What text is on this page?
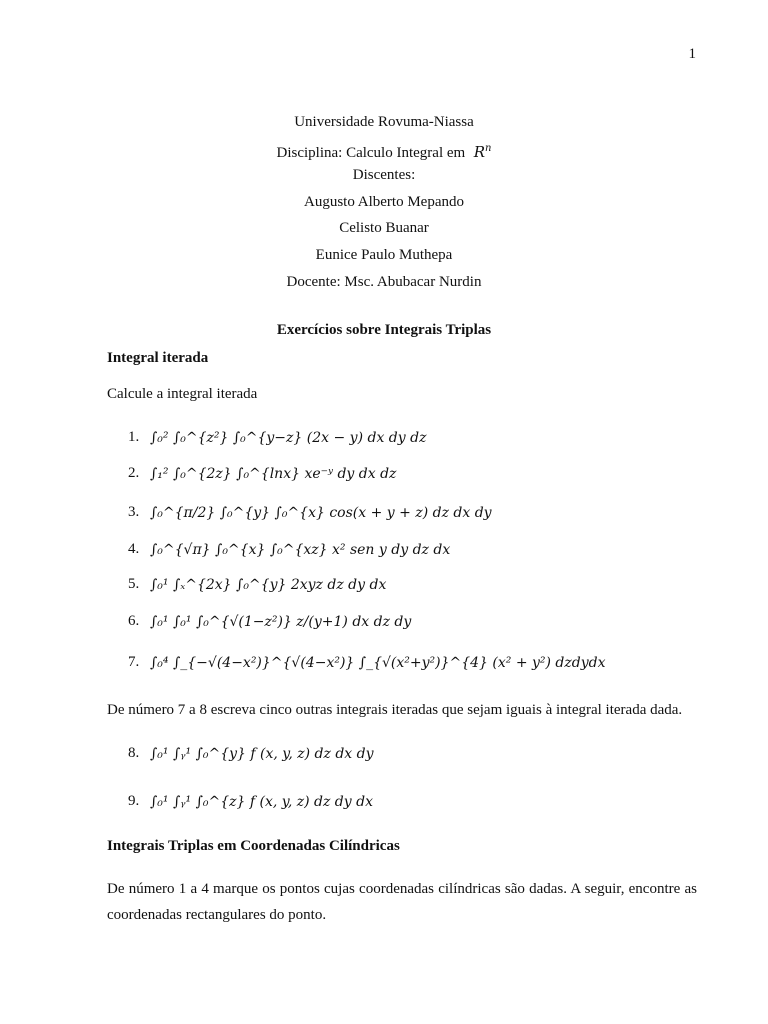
1
Universidade Rovuma-Niassa
Disciplina: Calculo Integral em $R^n$
Discentes:
Augusto Alberto Mepando
Celisto Buanar
Eunice Paulo Muthepa
Docente: Msc. Abubacar Nurdin
Exercícios sobre Integrais Triplas
Integral iterada
Calcule a integral iterada
1. ∫₀² ∫₀^{z²} ∫₀^{y−z} (2x − y) dx dy dz
2. ∫₁² ∫₀^{2z} ∫₀^{lnx} xe⁻ʸ dy dx dz
3. ∫₀^{π/2} ∫₀^{y} ∫₀^{x} cos(x + y + z) dz dx dy
4. ∫₀^{√π} ∫₀^{x} ∫₀^{xz} x² sen y dy dz dx
5. ∫₀¹ ∫ₓ^{2x} ∫₀^{y} 2xyz dz dy dx
6. ∫₀¹ ∫₀¹ ∫₀^{√(1−z²)} z/(y+1) dx dz dy
7. ∫₀⁴ ∫_{−√(4−x²)}^{√(4−x²)} ∫_{√(x²+y²)}^{4} (x² + y²) dzdydx
De número 7 a 8 escreva cinco outras integrais iteradas que sejam iguais à integral iterada dada.
8. ∫₀¹ ∫ᵧ¹ ∫₀^{y} f (x, y, z) dz dx dy
9. ∫₀¹ ∫ᵧ¹ ∫₀^{z} f (x, y, z) dz dy dx
Integrais Triplas em Coordenadas Cilíndricas
De número 1 a 4 marque os pontos cujas coordenadas cilíndricas são dadas. A seguir, encontre as coordenadas rectangulares do ponto.
